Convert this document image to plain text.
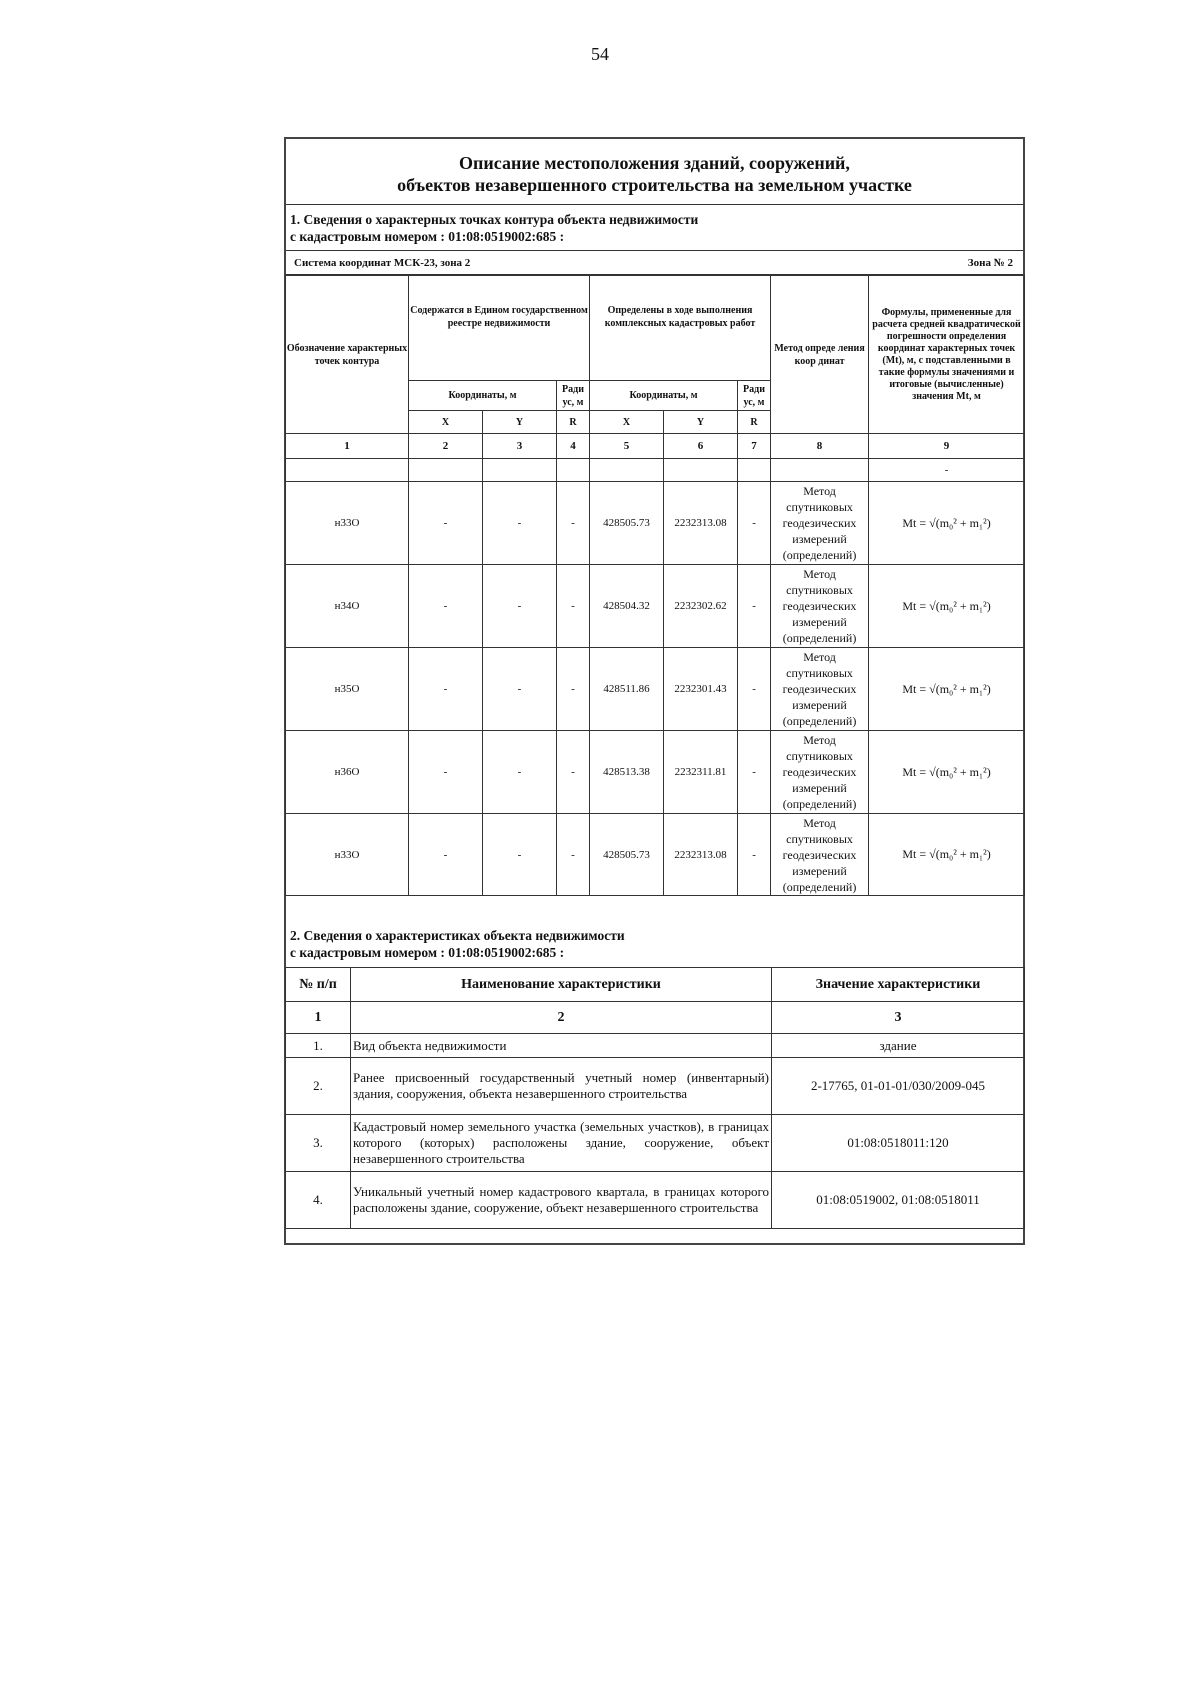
54
Описание местоположения зданий, сооружений,
объектов незавершенного строительства на земельном участке
1. Сведения о характерных точках контура объекта недвижимости
с кадастровым номером : 01:08:0519002:685 :
Система координат МСК-23, зона 2	Зона № 2
Обозначение характерных точек контура	Содержатся в Едином государственном реестре недвижимости			Определены в ходе выполнения комплексных кадастровых работ			Метод опреде ления коор динат	Формулы, примененные для расчета средней квадратической погрешности определения координат характерных точек (Mt), м, с подставленными в такие формулы значениями и итоговые (вычисленные) значения Mt, м
	Координаты, м		Ради ус, м	Координаты, м		Ради ус, м		
	X	Y	R	X	Y	R		
1	2	3	4	5	6	7	8	9
								-
н33О	-	-	-	428505.73	2232313.08	-	Метод спутниковых геодезических измерений (определений)	Mt = √(m₀² + m₁²)
н34О	-	-	-	428504.32	2232302.62	-	Метод спутниковых геодезических измерений (определений)	Mt = √(m₀² + m₁²)
н35О	-	-	-	428511.86	2232301.43	-	Метод спутниковых геодезических измерений (определений)	Mt = √(m₀² + m₁²)
н36О	-	-	-	428513.38	2232311.81	-	Метод спутниковых геодезических измерений (определений)	Mt = √(m₀² + m₁²)
н33О	-	-	-	428505.73	2232313.08	-	Метод спутниковых геодезических измерений (определений)	Mt = √(m₀² + m₁²)
2. Сведения о характеристиках объекта недвижимости
с кадастровым номером : 01:08:0519002:685 :
№ п/п	Наименование характеристики	Значение характеристики
1	2	3
1.	Вид объекта недвижимости	здание
2.	Ранее присвоенный государственный учетный номер (инвентарный) здания, сооружения, объекта незавершенного строительства	2-17765, 01-01-01/030/2009-045
3.	Кадастровый номер земельного участка (земельных участков), в границах которого (которых) расположены здание, сооружение, объект незавершенного строительства	01:08:0518011:120
4.	Уникальный учетный номер кадастрового квартала, в границах которого расположены здание, сооружение, объект незавершенного строительства	01:08:0519002, 01:08:0518011
